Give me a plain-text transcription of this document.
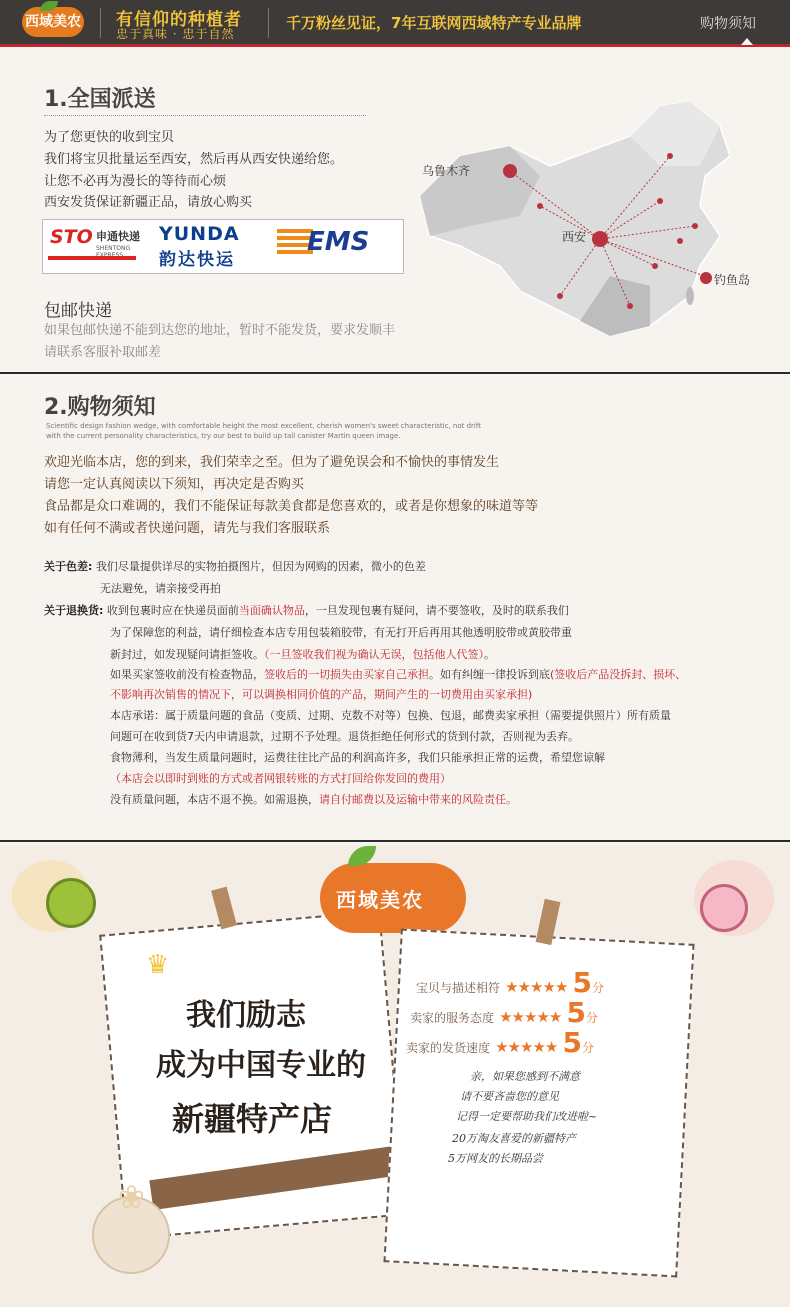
西域美农 有信仰的种植者
忠于真味 · 忠于自然
千万粉丝见证，7年互联网西域特产专业品牌	购物须知
1.全国派送
为了您更快的收到宝贝
我们将宝贝批量运至西安，然后再从西安快递给您。
让您不必再为漫长的等待而心烦
西安发货保证新疆正品，请放心购买
STO 申通快递
SHENTONG
YUNDA
韵达快运
EMS
包邮快递
如果包邮快递不能到达您的地址，暂时不能发货，要求发顺丰
请联系客服补取邮差
乌鲁木齐
西安
钓鱼岛
2.购物须知
Scientific design fashion wedge, with comfortable height the most excellent, cherish women's sweet characteristic, not drift
with the current personality characteristics, try our best to build up tall canister Martin queen image.
欢迎光临本店，您的到来，我们荣幸之至。但为了避免误会和不愉快的事情发生
请您一定认真阅读以下须知，再决定是否购买
食品都是众口难调的，我们不能保证每款美食都是您喜欢的，或者是你想象的味道等等
如有任何不满或者快递问题，请先与我们客服联系
关于色差: 我们尽量提供详尽的实物拍摄图片，但因为网购的因素，微小的色差
无法避免，请亲接受再拍
关于退换货: 收到包裹时应在快递员面前当面确认物品，一旦发现包裹有疑问，请不要签收，及时的联系我们
为了保障您的利益，请仔细检查本店专用包装箱胶带，有无打开后再用其他透明胶带或黄胶带重
新封过，如发现疑问请拒签收。（一旦签收我们视为确认无误，包括他人代签）。
如果买家签收前没有检查物品，签收后的一切损失由买家自己承担。如有纠缠一律投诉到底(签收后产品没拆封、损坏、
不影响再次销售的情况下，可以调换相同价值的产品，期间产生的一切费用由买家承担)
本店承诺：属于质量问题的食品（变质、过期、克数不对等）包换、包退，邮费卖家承担（需要提供照片）所有质量
问题可在收到货7天内申请退款，过期不予处理。退货拒绝任何形式的货到付款，否则视为丢弃。
食物薄利，当发生质量问题时，运费往往比产品的利润高许多，我们只能承担正常的运费，希望您谅解
（本店会以即时到账的方式或者网银转账的方式打回给你发回的费用）
没有质量问题，本店不退不换。如需退换，请自付邮费以及运输中带来的风险责任。
♛
我们励志
成为中国专业的
新疆特产店
❀
西域美农
宝贝与描述相符 ★★★★★ 5分
卖家的服务态度 ★★★★★ 5分
卖家的发货速度 ★★★★★ 5分
亲，如果您感到不满意
请不要吝啬您的意见
记得一定要帮助我们改进啦~
20万淘友喜爱的新疆特产
5万网友的长期品尝
